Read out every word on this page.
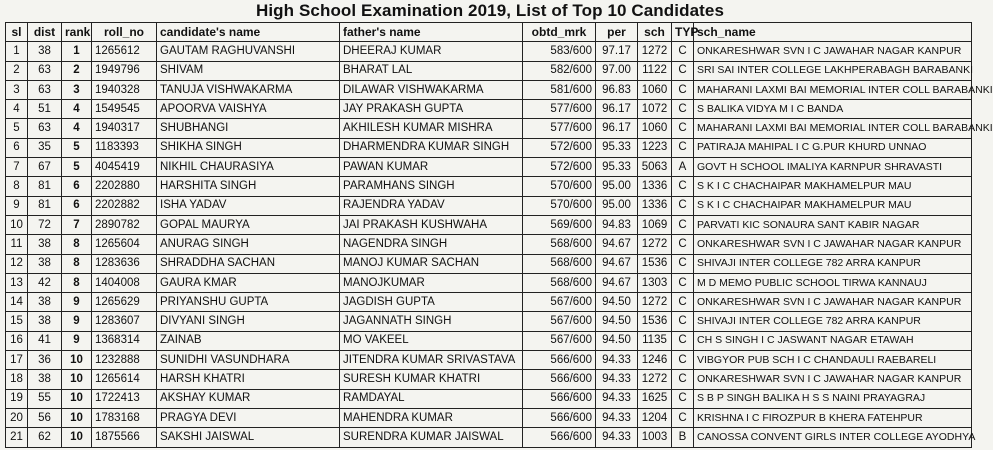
High School Examination 2019, List of Top 10 Candidates
sl	dist	rank	roll_no	candidate's name	father's name	obtd_mrk	per	sch	TYP	sch_name
1	38	1	1265612	GAUTAM RAGHUVANSHI	DHEERAJ KUMAR	583/600	97.17	1272	C	ONKARESHWAR SVN I C JAWAHAR NAGAR KANPUR
2	63	2	1949796	SHIVAM	BHARAT LAL	582/600	97.00	1122	C	SRI SAI INTER COLLEGE LAKHPERABAGH BARABANKI
3	63	3	1940328	TANUJA VISHWAKARMA	DILAWAR VISHWAKARMA	581/600	96.83	1060	C	MAHARANI LAXMI BAI MEMORIAL INTER COLL BARABANKI
4	51	4	1549545	APOORVA VAISHYA	JAY PRAKASH GUPTA	577/600	96.17	1072	C	S BALIKA VIDYA M I C BANDA
5	63	4	1940317	SHUBHANGI	AKHILESH KUMAR MISHRA	577/600	96.17	1060	C	MAHARANI LAXMI BAI MEMORIAL INTER COLL BARABANKI
6	35	5	1183393	SHIKHA SINGH	DHARMENDRA KUMAR SINGH	572/600	95.33	1223	C	PATIRAJA MAHIPAL I C G.PUR KHURD UNNAO
7	67	5	4045419	NIKHIL CHAURASIYA	PAWAN KUMAR	572/600	95.33	5063	A	GOVT H SCHOOL IMALIYA KARNPUR SHRAVASTI
8	81	6	2202880	HARSHITA SINGH	PARAMHANS SINGH	570/600	95.00	1336	C	S K I C CHACHAIPAR MAKHAMELPUR MAU
9	81	6	2202882	ISHA YADAV	RAJENDRA YADAV	570/600	95.00	1336	C	S K I C CHACHAIPAR MAKHAMELPUR MAU
10	72	7	2890782	GOPAL MAURYA	JAI PRAKASH KUSHWAHA	569/600	94.83	1069	C	PARVATI KIC SONAURA SANT KABIR NAGAR
11	38	8	1265604	ANURAG SINGH	NAGENDRA SINGH	568/600	94.67	1272	C	ONKARESHWAR SVN I C JAWAHAR NAGAR KANPUR
12	38	8	1283636	SHRADDHA SACHAN	MANOJ KUMAR SACHAN	568/600	94.67	1536	C	SHIVAJI INTER COLLEGE 782 ARRA KANPUR
13	42	8	1404008	GAURA KMAR	MANOJKUMAR	568/600	94.67	1303	C	M D MEMO PUBLIC SCHOOL TIRWA KANNAUJ
14	38	9	1265629	PRIYANSHU GUPTA	JAGDISH GUPTA	567/600	94.50	1272	C	ONKARESHWAR SVN I C JAWAHAR NAGAR KANPUR
15	38	9	1283607	DIVYANI SINGH	JAGANNATH SINGH	567/600	94.50	1536	C	SHIVAJI INTER COLLEGE 782 ARRA KANPUR
16	41	9	1368314	ZAINAB	MO VAKEEL	567/600	94.50	1135	C	CH S SINGH I C JASWANT NAGAR ETAWAH
17	36	10	1232888	SUNIDHI VASUNDHARA	JITENDRA KUMAR SRIVASTAVA	566/600	94.33	1246	C	VIBGYOR PUB SCH I C CHANDAULI RAEBARELI
18	38	10	1265614	HARSH KHATRI	SURESH KUMAR KHATRI	566/600	94.33	1272	C	ONKARESHWAR SVN I C JAWAHAR NAGAR KANPUR
19	55	10	1722413	AKSHAY KUMAR	RAMDAYAL	566/600	94.33	1625	C	S B P SINGH BALIKA H S S NAINI PRAYAGRAJ
20	56	10	1783168	PRAGYA DEVI	MAHENDRA KUMAR	566/600	94.33	1204	C	KRISHNA I C FIROZPUR B KHERA FATEHPUR
21	62	10	1875566	SAKSHI JAISWAL	SURENDRA KUMAR JAISWAL	566/600	94.33	1003	B	CANOSSA CONVENT GIRLS INTER COLLEGE AYODHYA
